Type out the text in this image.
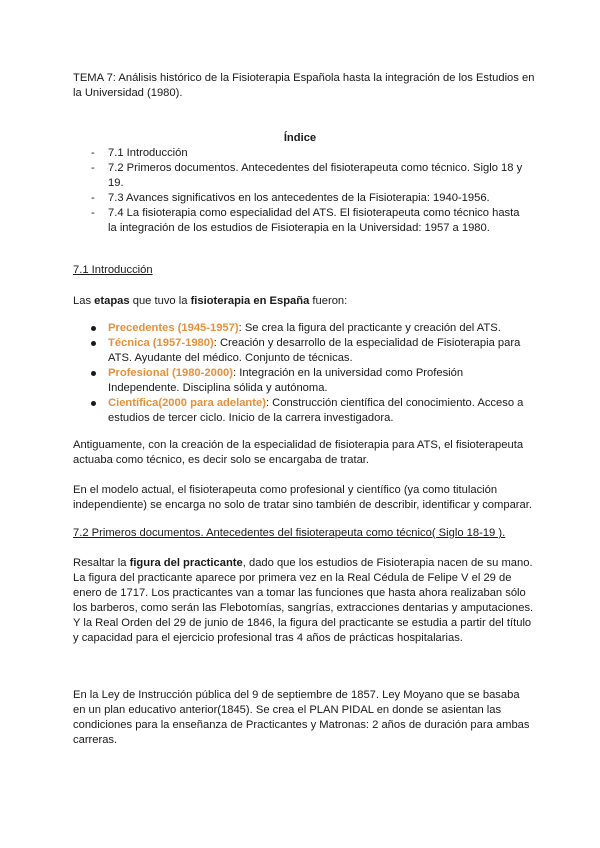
TEMA 7: Análisis histórico de la Fisioterapia Española hasta la integración de los Estudios en la Universidad (1980).

Índice
- 7.1 Introducción
- 7.2 Primeros documentos. Antecedentes del fisioterapeuta como técnico. Siglo 18 y 19.
- 7.3 Avances significativos en los antecedentes de la Fisioterapia: 1940-1956.
- 7.4 La fisioterapia como especialidad del ATS. El fisioterapeuta como técnico hasta la integración de los estudios de Fisioterapia en la Universidad: 1957 a 1980.

7.1 Introducción

Las etapas que tuvo la fisioterapia en España fueron:

Precedentes (1945-1957): Se crea la figura del practicante y creación del ATS.
Técnica (1957-1980): Creación y desarrollo de la especialidad de Fisioterapia para ATS. Ayudante del médico. Conjunto de técnicas.
Profesional (1980-2000): Integración en la universidad como Profesión Independente. Disciplina sólida y autónoma.
Científica(2000 para adelante): Construcción científica del conocimiento. Acceso a estudios de tercer ciclo. Inicio de la carrera investigadora.

Antiguamente, con la creación de la especialidad de fisioterapia para ATS, el fisioterapeuta actuaba como técnico, es decir solo se encargaba de tratar.

En el modelo actual, el fisioterapeuta como profesional y científico (ya como titulación independiente) se encarga no solo de tratar sino también de describir, identificar y comparar.

7.2 Primeros documentos. Antecedentes del fisioterapeuta como técnico( Siglo 18-19 ).

Resaltar la figura del practicante, dado que los estudios de Fisioterapia nacen de su mano.

La figura del practicante aparece por primera vez en la Real Cédula de Felipe V el 29 de enero de 1717. Los practicantes van a tomar las funciones que hasta ahora realizaban sólo los barberos, como serán las Flebotomías, sangrías, extracciones dentarias y amputaciones.

Y la Real Orden del 29 de junio de 1846, la figura del practicante se estudia a partir del título y capacidad para el ejercicio profesional tras 4 años de prácticas hospitalarias.

En la Ley de Instrucción pública del 9 de septiembre de 1857. Ley Moyano que se basaba en un plan educativo anterior(1845). Se crea el PLAN PIDAL en donde se asientan las condiciones para la enseñanza de Practicantes y Matronas: 2 años de duración para ambas carreras.
